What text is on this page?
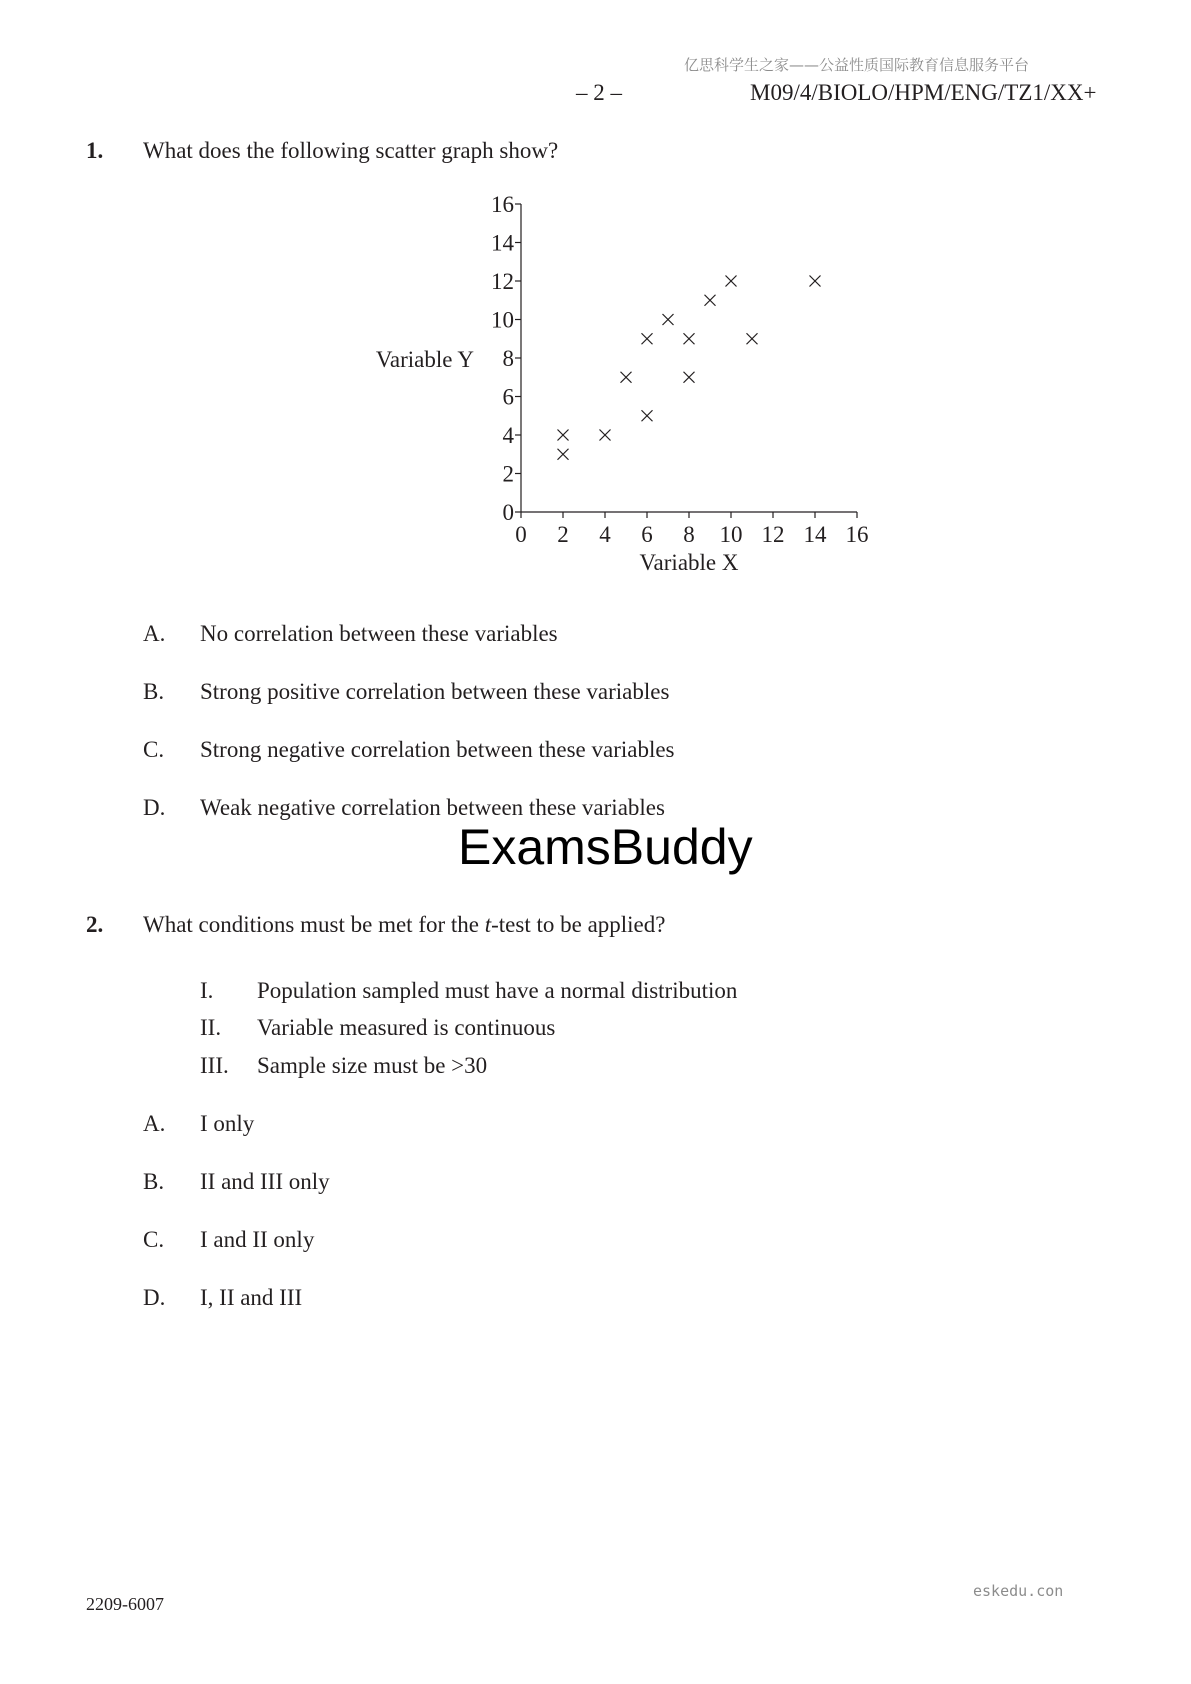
亿思科学生之家——公益性质国际教育信息服务平台
– 2 –	M09/4/BIOLO/HPM/ENG/TZ1/XX+
1. What does the following scatter graph show?
0 2 4 6 8 10 12 14 16
0
2
4
6
8
10
12
14
16
Variable Y
Variable X
A. No correlation between these variables
B. Strong positive correlation between these variables
C. Strong negative correlation between these variables
D. Weak negative correlation between these variables
ExamsBuddy
2. What conditions must be met for the t-test to be applied?
I. Population sampled must have a normal distribution
II. Variable measured is continuous
III. Sample size must be >30
A. I only
B. II and III only
C. I and II only
D. I, II and III
2209-6007
eskedu.con
